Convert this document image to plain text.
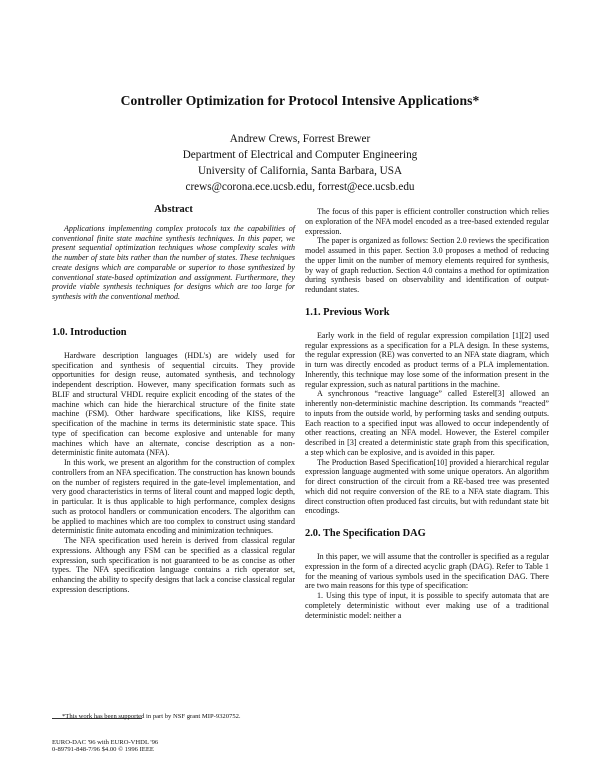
Controller Optimization for Protocol Intensive Applications*
Andrew Crews, Forrest Brewer
Department of Electrical and Computer Engineering
University of California, Santa Barbara, USA
crews@corona.ece.ucsb.edu, forrest@ece.ucsb.edu
Abstract

Applications implementing complex protocols tax the capabilities of conventional finite state machine synthesis techniques. In this paper, we present sequential optimization techniques whose complexity scales with the number of state bits rather than the number of states. These techniques create designs which are comparable or superior to those synthesized by conventional state-based optimization and assignment. Furthermore, they provide viable synthesis techniques for designs which are too large for synthesis with the conventional method.

1.0. Introduction

Hardware description languages (HDL's) are widely used for specification and synthesis of sequential circuits. They provide opportunities for design reuse, automated synthesis, and technology independent description. However, many specification formats such as BLIF and structural VHDL require explicit encoding of the states of the machine which can hide the hierarchical structure of the finite state machine (FSM). Other hardware specifications, like KISS, require specification of the machine in terms its deterministic state space. This type of specification can become explosive and untenable for many machines which have an alternate, concise description as a non-deterministic finite automata (NFA).

In this work, we present an algorithm for the construction of complex controllers from an NFA specification. The construction has known bounds on the number of registers required in the gate-level implementation, and very good characteristics in terms of literal count and mapped logic depth, in particular. It is thus applicable to high performance, complex designs such as protocol handlers or communication encoders. The algorithm can be applied to machines which are too complex to construct using standard deterministic finite automata encoding and minimization techniques.

The NFA specification used herein is derived from classical regular expressions. Although any FSM can be specified as a classical regular expression, such specification is not guaranteed to be as concise as other types. The NFA specification language contains a rich operator set, enhancing the ability to specify designs that lack a concise classical regular expression descriptions.

The focus of this paper is efficient controller construction which relies on exploration of the NFA model encoded as a tree-based extended regular expression.

The paper is organized as follows: Section 2.0 reviews the specification model assumed in this paper. Section 3.0 proposes a method of reducing the upper limit on the number of memory elements required for synthesis, by way of graph reduction. Section 4.0 contains a method for optimization during synthesis based on observability and identification of output-redundant states.

1.1. Previous Work

Early work in the field of regular expression compilation [1][2] used regular expressions as a specification for a PLA design. In these systems, the regular expression (RE) was converted to an NFA state diagram, which in turn was directly encoded as product terms of a PLA implementation. Inherently, this technique may lose some of the information present in the regular expression, such as natural partitions in the machine.

A synchronous “reactive language” called Esterel[3] allowed an inherently non-deterministic machine description. Its commands “reacted” to inputs from the outside world, by performing tasks and sending outputs. Each reaction to a specified input was allowed to occur independently of other reactions, creating an NFA model. However, the Esterel compiler described in [3] created a deterministic state graph from this specification, a step which can be explosive, and is avoided in this paper.

The Production Based Specification[10] provided a hierarchical regular expression language augmented with some unique operators. An algorithm for direct construction of the circuit from a RE-based tree was presented which did not require conversion of the RE to a NFA state diagram. This direct construction often produced fast circuits, but with redundant state bit encodings.

2.0. The Specification DAG

In this paper, we will assume that the controller is specified as a regular expression in the form of a directed acyclic graph (DAG). Refer to Table 1 for the meaning of various symbols used in the specification DAG. There are two main reasons for this type of specification:

1. Using this type of input, it is possible to specify automata that are completely deterministic without ever making use of a traditional deterministic model: neither a

*This work has been supported in part by NSF grant MIP-9320752.
EURO-DAC '96 with EURO-VHDL '96
0-89791-848-7/96 $4.00 © 1996 IEEE
